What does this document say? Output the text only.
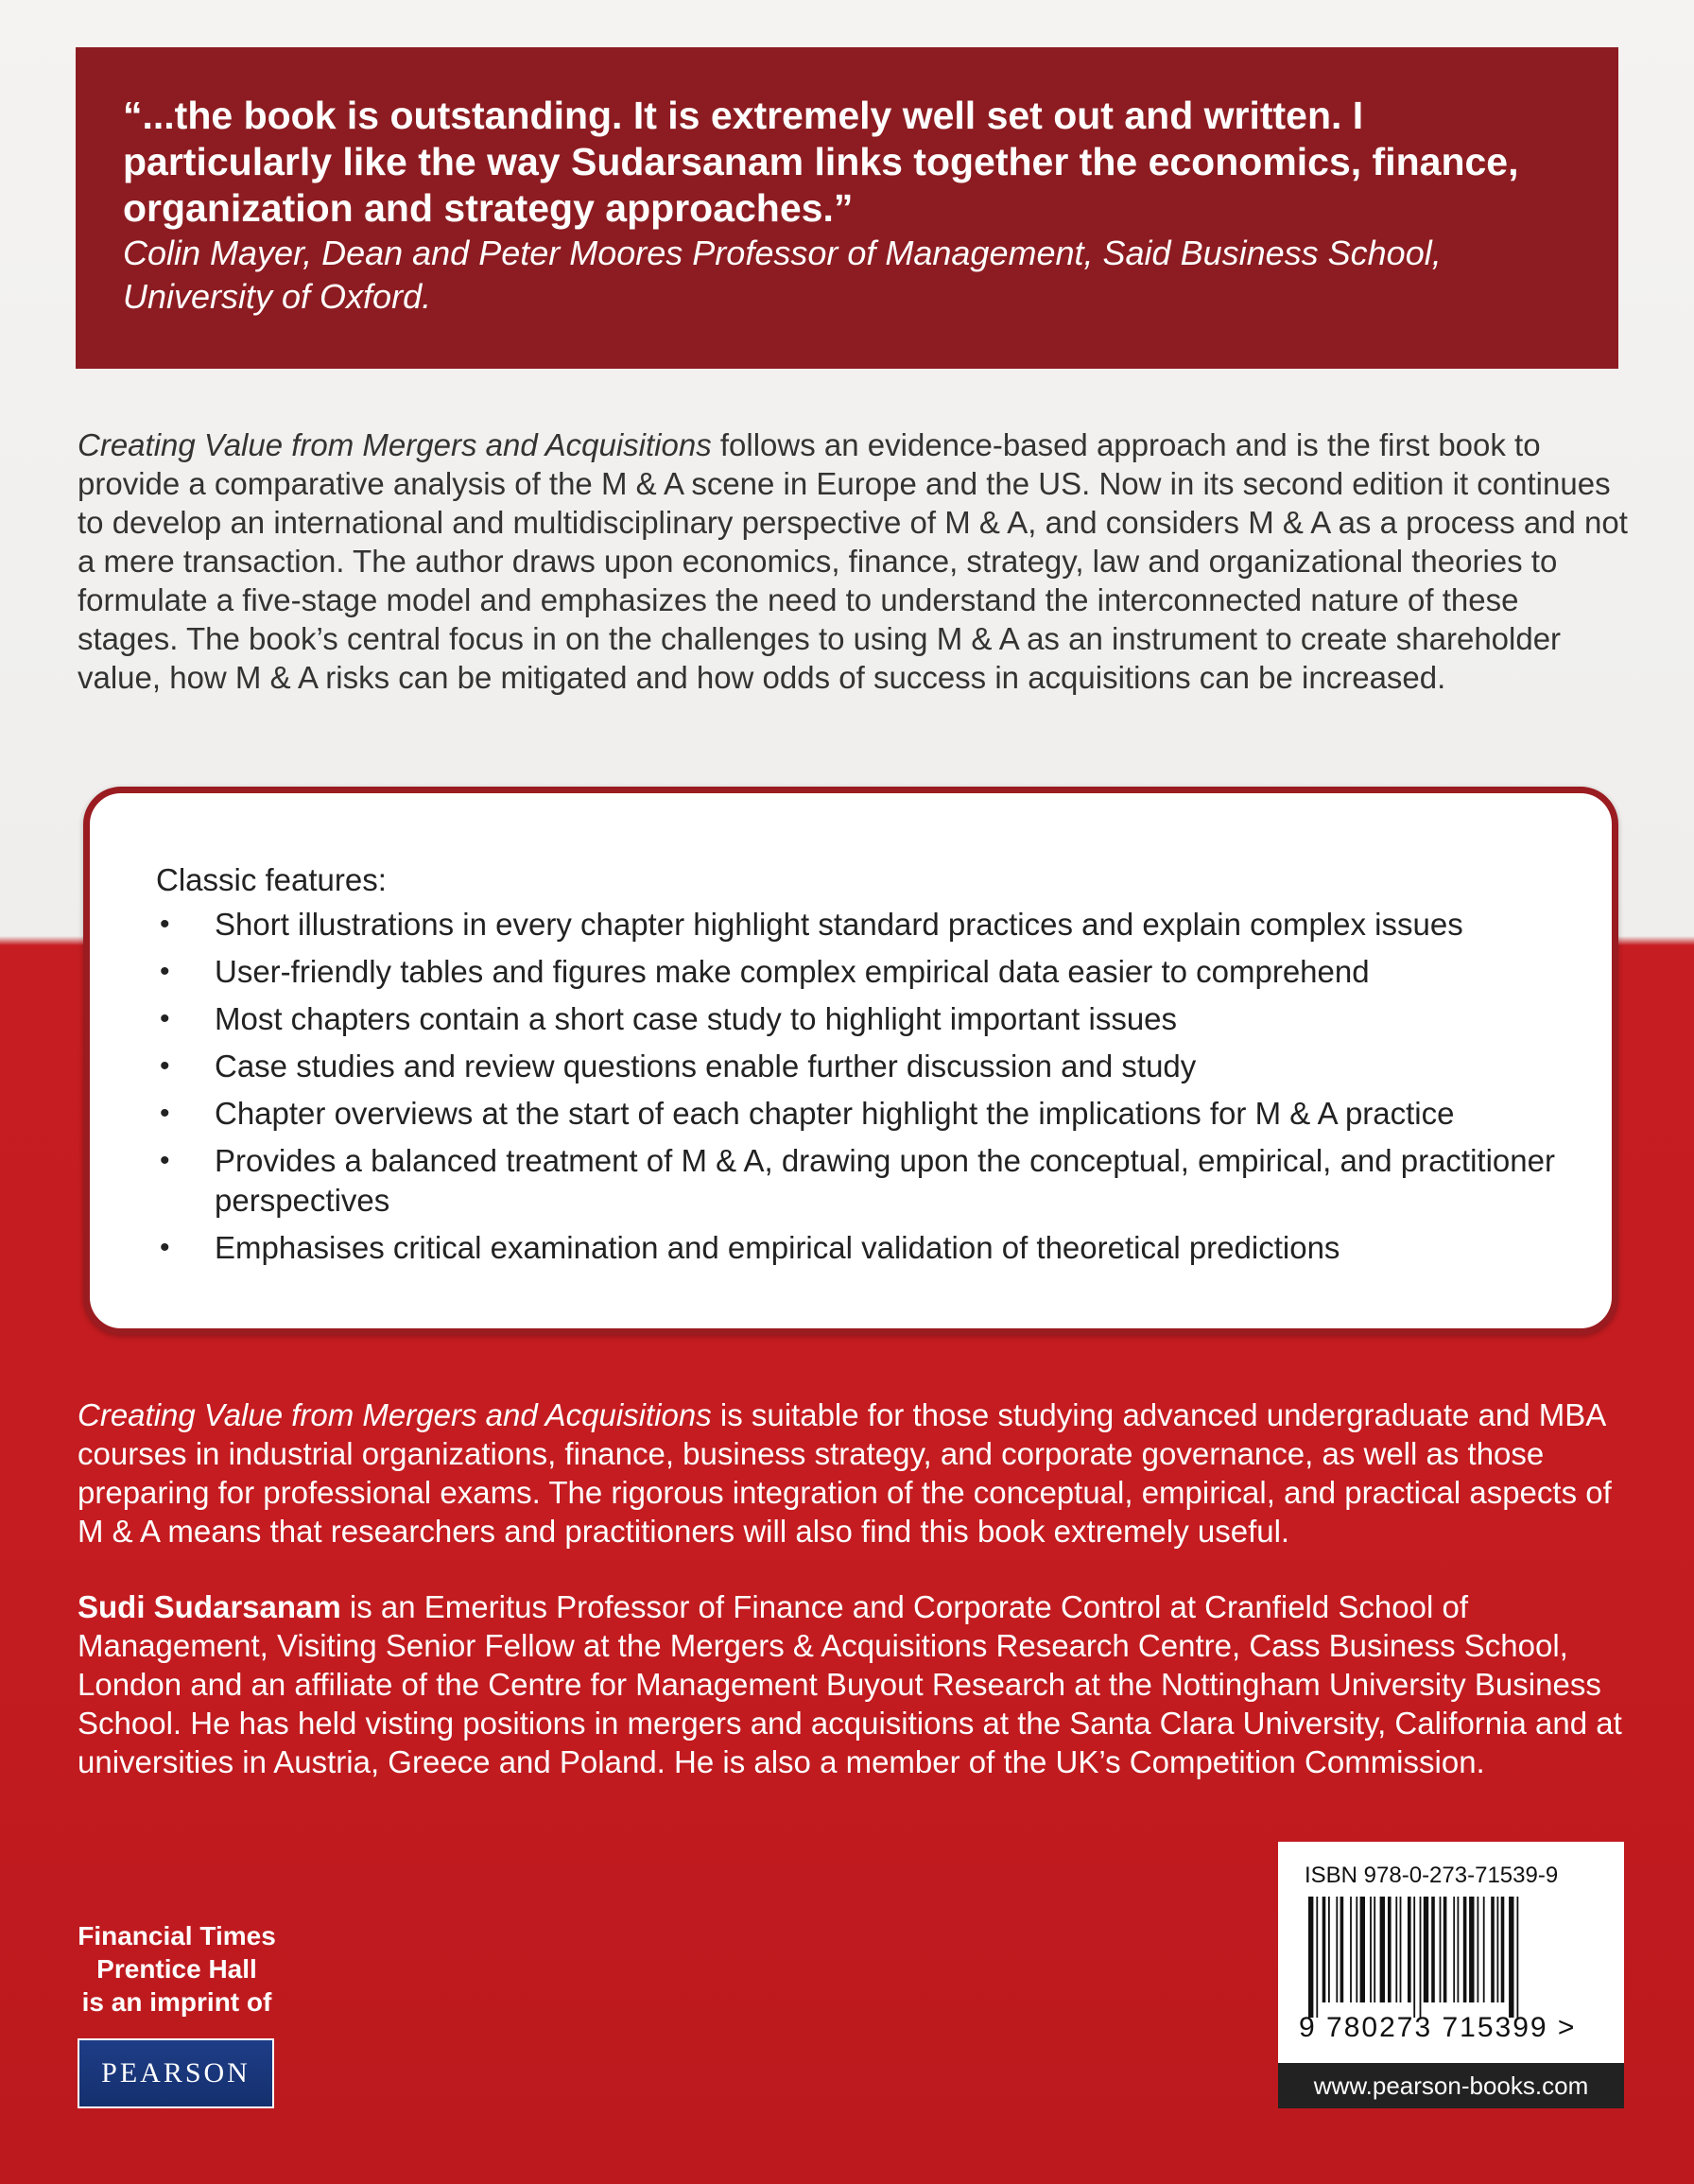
“...the book is outstanding. It is extremely well set out and written. I particularly like the way Sudarsanam links together the economics, finance, organization and strategy approaches.”
Colin Mayer, Dean and Peter Moores Professor of Management, Said Business School, University of Oxford.
Creating Value from Mergers and Acquisitions follows an evidence-based approach and is the first book to provide a comparative analysis of the M & A scene in Europe and the US. Now in its second edition it continues to develop an international and multidisciplinary perspective of M & A, and considers M & A as a process and not a mere transaction. The author draws upon economics, finance, strategy, law and organizational theories to formulate a five-stage model and emphasizes the need to understand the interconnected nature of these stages. The book’s central focus in on the challenges to using M & A as an instrument to create shareholder value, how M & A risks can be mitigated and how odds of success in acquisitions can be increased.
Classic features:
• Short illustrations in every chapter highlight standard practices and explain complex issues
• User-friendly tables and figures make complex empirical data easier to comprehend
• Most chapters contain a short case study to highlight important issues
• Case studies and review questions enable further discussion and study
• Chapter overviews at the start of each chapter highlight the implications for M & A practice
• Provides a balanced treatment of M & A, drawing upon the conceptual, empirical, and practitioner perspectives
• Emphasises critical examination and empirical validation of theoretical predictions
Creating Value from Mergers and Acquisitions is suitable for those studying advanced undergraduate and MBA courses in industrial organizations, finance, business strategy, and corporate governance, as well as those preparing for professional exams. The rigorous integration of the conceptual, empirical, and practical aspects of M & A means that researchers and practitioners will also find this book extremely useful.
Sudi Sudarsanam is an Emeritus Professor of Finance and Corporate Control at Cranfield School of Management, Visiting Senior Fellow at the Mergers & Acquisitions Research Centre, Cass Business School, London and an affiliate of the Centre for Management Buyout Research at the Nottingham University Business School. He has held visting positions in mergers and acquisitions at the Santa Clara University, California and at universities in Austria, Greece and Poland. He is also a member of the UK’s Competition Commission.
Financial Times
Prentice Hall
is an imprint of
PEARSON
ISBN 978-0-273-71539-9
9 780273 715399 >
www.pearson-books.com
